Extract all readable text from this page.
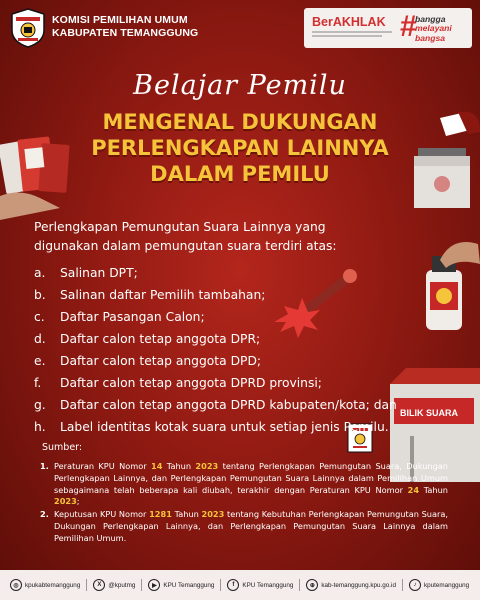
KOMISI PEMILIHAN UMUM
KABUPATEN TEMANGGUNG
BerAKHLAK #
bangga
melayani
bangsa
Belajar Pemilu
MENGENAL DUKUNGAN
PERLENGKAPAN LAINNYA
DALAM PEMILU
BILIK SUARA
Perlengkapan Pemungutan Suara Lainnya yang digunakan dalam pemungutan suara terdiri atas:
a.	Salinan DPT;
b.	Salinan daftar Pemilih tambahan;
c.	Daftar Pasangan Calon;
d.	Daftar calon tetap anggota DPR;
e.	Daftar calon tetap anggota DPD;
f.	Daftar calon tetap anggota DPRD provinsi;
g.	Daftar calon tetap anggota DPRD kabupaten/kota; dan
h.	Label identitas kotak suara untuk setiap jenis Pemilu.
Sumber:
1. Peraturan KPU Nomor 14 Tahun 2023 tentang Perlengkapan Pemungutan Suara, Dukungan Perlengkapan Lainnya, dan Perlengkapan Pemungutan Suara Lainnya dalam Pemilihan Umum sebagaimana telah beberapa kali diubah, terakhir dengan Peraturan KPU Nomor 24 Tahun 2023;
2. Keputusan KPU Nomor 1281 Tahun 2023 tentang Kebutuhan Perlengkapan Pemungutan Suara, Dukungan Perlengkapan Lainnya, dan Perlengkapan Pemungutan Suara Lainnya dalam Pemilihan Umum.
◎	kpukabtemanggung	X	@kputmg	▶	KPU Temanggung	f	KPU Temanggung	⊕	kab-temanggung.kpu.go.id	♪	kputemanggung
